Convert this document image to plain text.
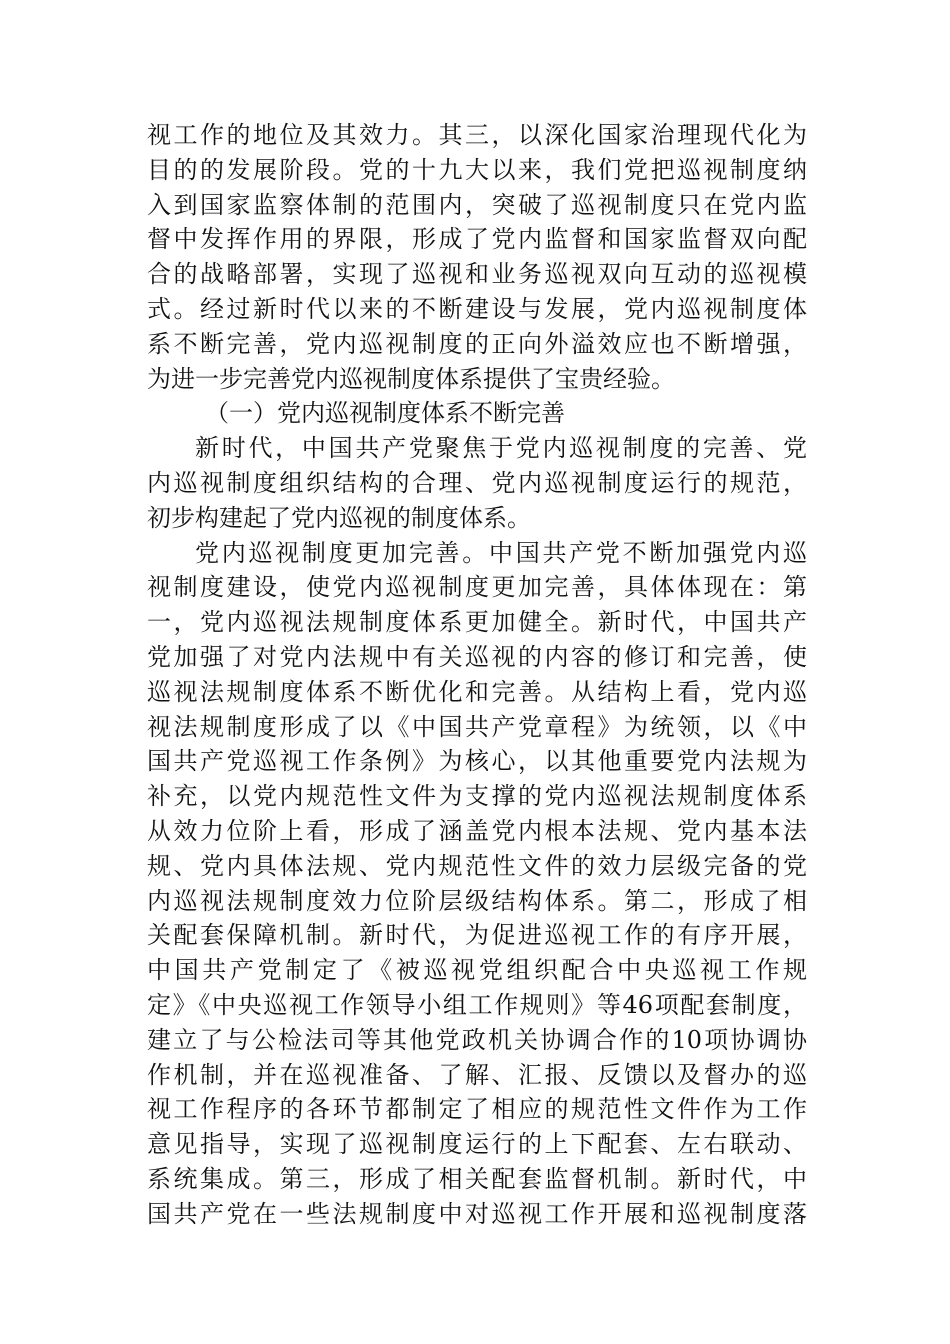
视工作的地位及其效力。其三，以深化国家治理现代化为
目的的发展阶段。党的十九大以来，我们党把巡视制度纳
入到国家监察体制的范围内，突破了巡视制度只在党内监
督中发挥作用的界限，形成了党内监督和国家监督双向配
合的战略部署，实现了巡视和业务巡视双向互动的巡视模
式。经过新时代以来的不断建设与发展，党内巡视制度体
系不断完善，党内巡视制度的正向外溢效应也不断增强，
为进一步完善党内巡视制度体系提供了宝贵经验。
（一）党内巡视制度体系不断完善
新时代，中国共产党聚焦于党内巡视制度的完善、党
内巡视制度组织结构的合理、党内巡视制度运行的规范，
初步构建起了党内巡视的制度体系。
党内巡视制度更加完善。中国共产党不断加强党内巡
视制度建设，使党内巡视制度更加完善，具体体现在：第
一，党内巡视法规制度体系更加健全。新时代，中国共产
党加强了对党内法规中有关巡视的内容的修订和完善，使
巡视法规制度体系不断优化和完善。从结构上看，党内巡
视法规制度形成了以《中国共产党章程》为统领，以《中
国共产党巡视工作条例》为核心，以其他重要党内法规为
补充，以党内规范性文件为支撑的党内巡视法规制度体系
从效力位阶上看，形成了涵盖党内根本法规、党内基本法
规、党内具体法规、党内规范性文件的效力层级完备的党
内巡视法规制度效力位阶层级结构体系。第二，形成了相
关配套保障机制。新时代，为促进巡视工作的有序开展，
中国共产党制定了《被巡视党组织配合中央巡视工作规
定》《中央巡视工作领导小组工作规则》等46项配套制度，
建立了与公检法司等其他党政机关协调合作的10项协调协
作机制，并在巡视准备、了解、汇报、反馈以及督办的巡
视工作程序的各环节都制定了相应的规范性文件作为工作
意见指导，实现了巡视制度运行的上下配套、左右联动、
系统集成。第三，形成了相关配套监督机制。新时代，中
国共产党在一些法规制度中对巡视工作开展和巡视制度落
